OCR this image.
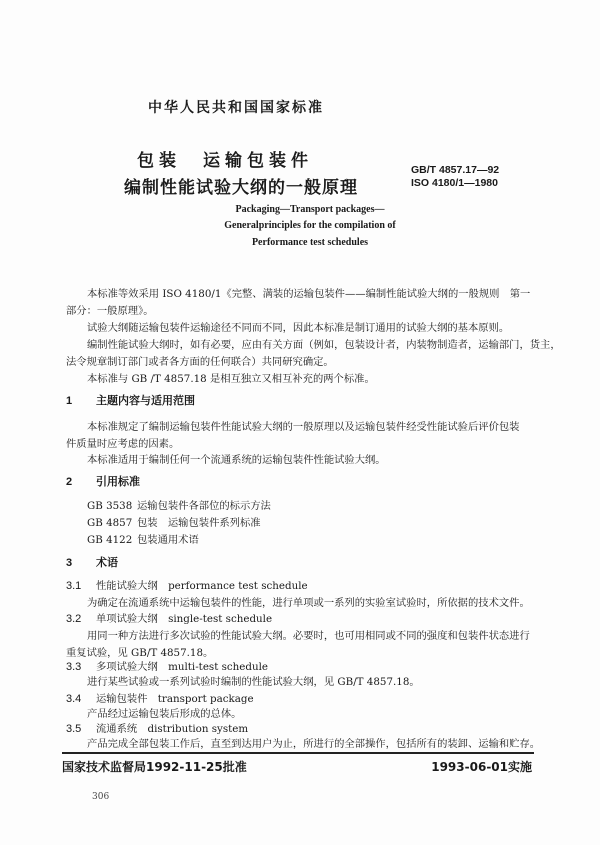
中华人民共和国国家标准
包装　运输包装件
编制性能试验大纲的一般原理
GB/T 4857.17—92
ISO 4180/1—1980
Packaging—Transport packages—
Generalprinciples for the compilation of
Performance test schedules
本标准等效采用 ISO 4180/1《完整、满装的运输包装件——编制性能试验大纲的一般规则　第一
部分：一般原理》。
试验大纲随运输包装件运输途径不同而不同，因此本标准是制订通用的试验大纲的基本原则。
编制性能试验大纲时，如有必要，应由有关方面（例如，包装设计者，内装物制造者，运输部门，货主，
法令规章制订部门或者各方面的任何联合）共同研究确定。
本标准与 GB /T 4857.18 是相互独立又相互补充的两个标准。
1 主题内容与适用范围
本标准规定了编制运输包装件性能试验大纲的一般原理以及运输包装件经受性能试验后评价包装
件质量时应考虑的因素。
本标准适用于编制任何一个流通系统的运输包装件性能试验大纲。
2 引用标准
GB 3538 运输包装件各部位的标示方法
GB 4857 包装　运输包装件系列标准
GB 4122 包装通用术语
3 术语
3.1 性能试验大纲　 performance test schedule
为确定在流通系统中运输包装件的性能，进行单项或一系列的实验室试验时，所依据的技术文件。
3.2 单项试验大纲　 single-test schedule
用同一种方法进行多次试验的性能试验大纲。必要时，也可用相同或不同的强度和包装件状态进行
重复试验，见 GB/T 4857.18。
3.3 多项试验大纲　 multi-test schedule
进行某些试验或一系列试验时编制的性能试验大纲，见 GB/T 4857.18。
3.4 运输包装件　 transport package
产品经过运输包装后形成的总体。
3.5 流通系统　 distribution system
产品完成全部包装工作后，直至到达用户为止，所进行的全部操作，包括所有的装卸、运输和贮存。
国家技术监督局1992-11-25批准	1993-06-01实施
306
